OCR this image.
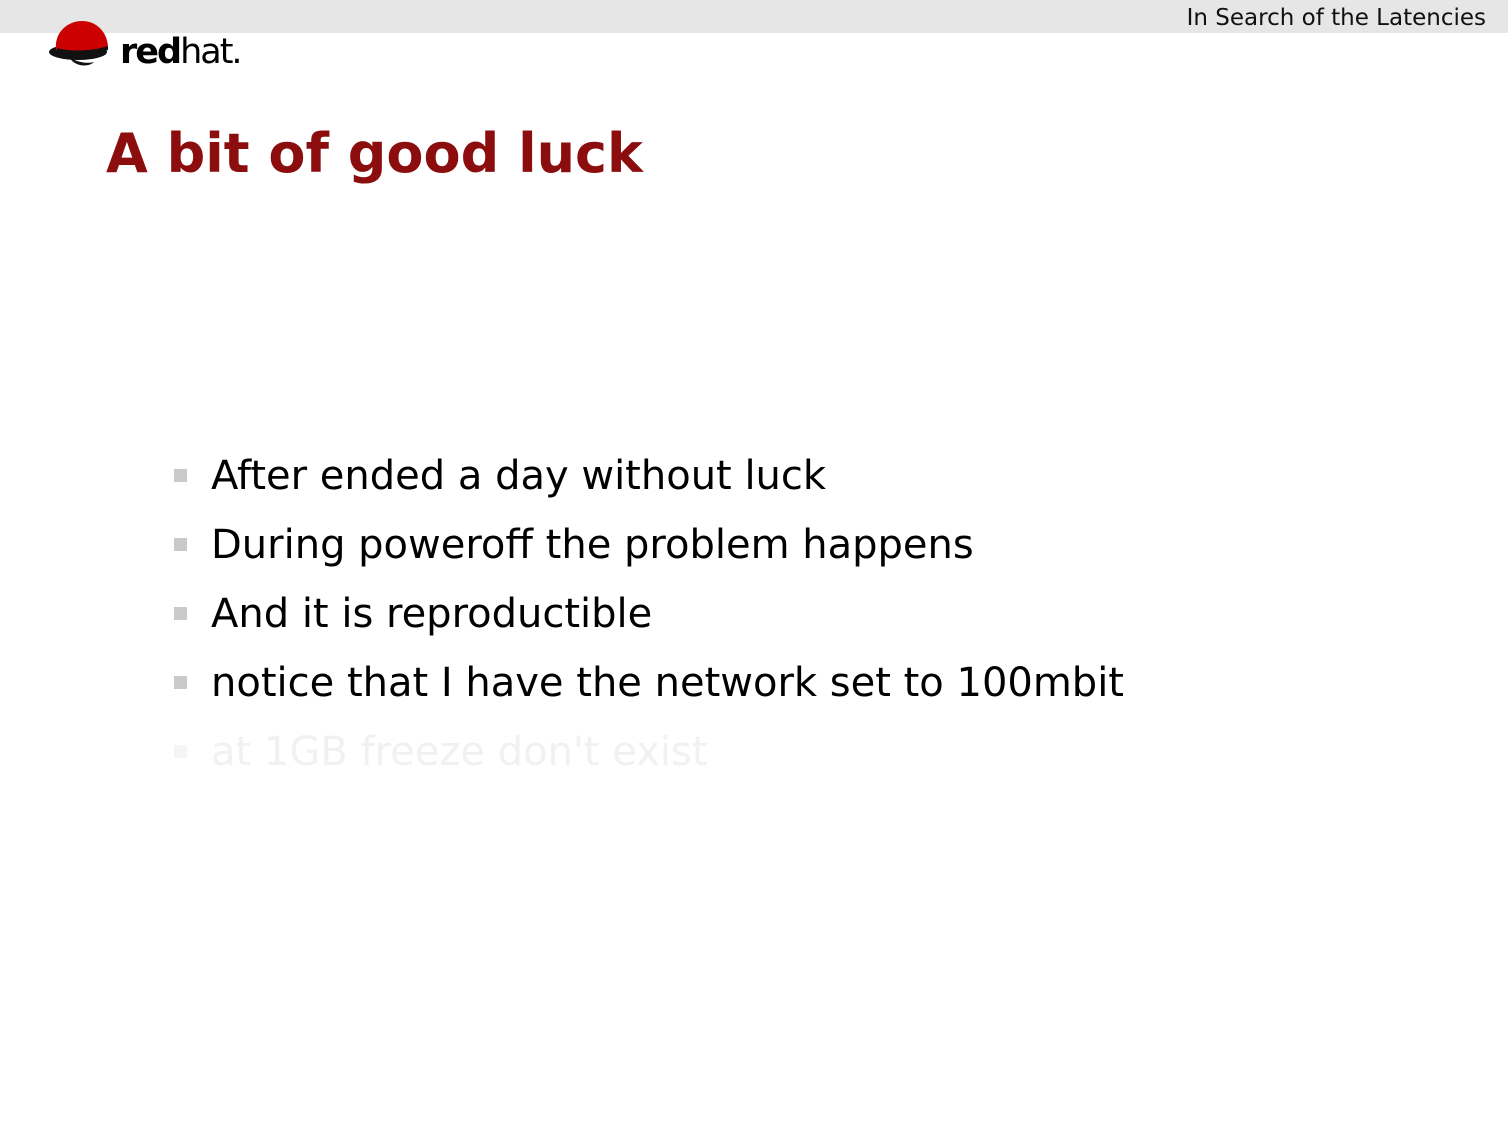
In Search of the Latencies
redhat.
A bit of good luck
After ended a day without luck
During poweroff the problem happens
And it is reproductible
notice that I have the network set to 100mbit
at 1GB freeze don't exist
